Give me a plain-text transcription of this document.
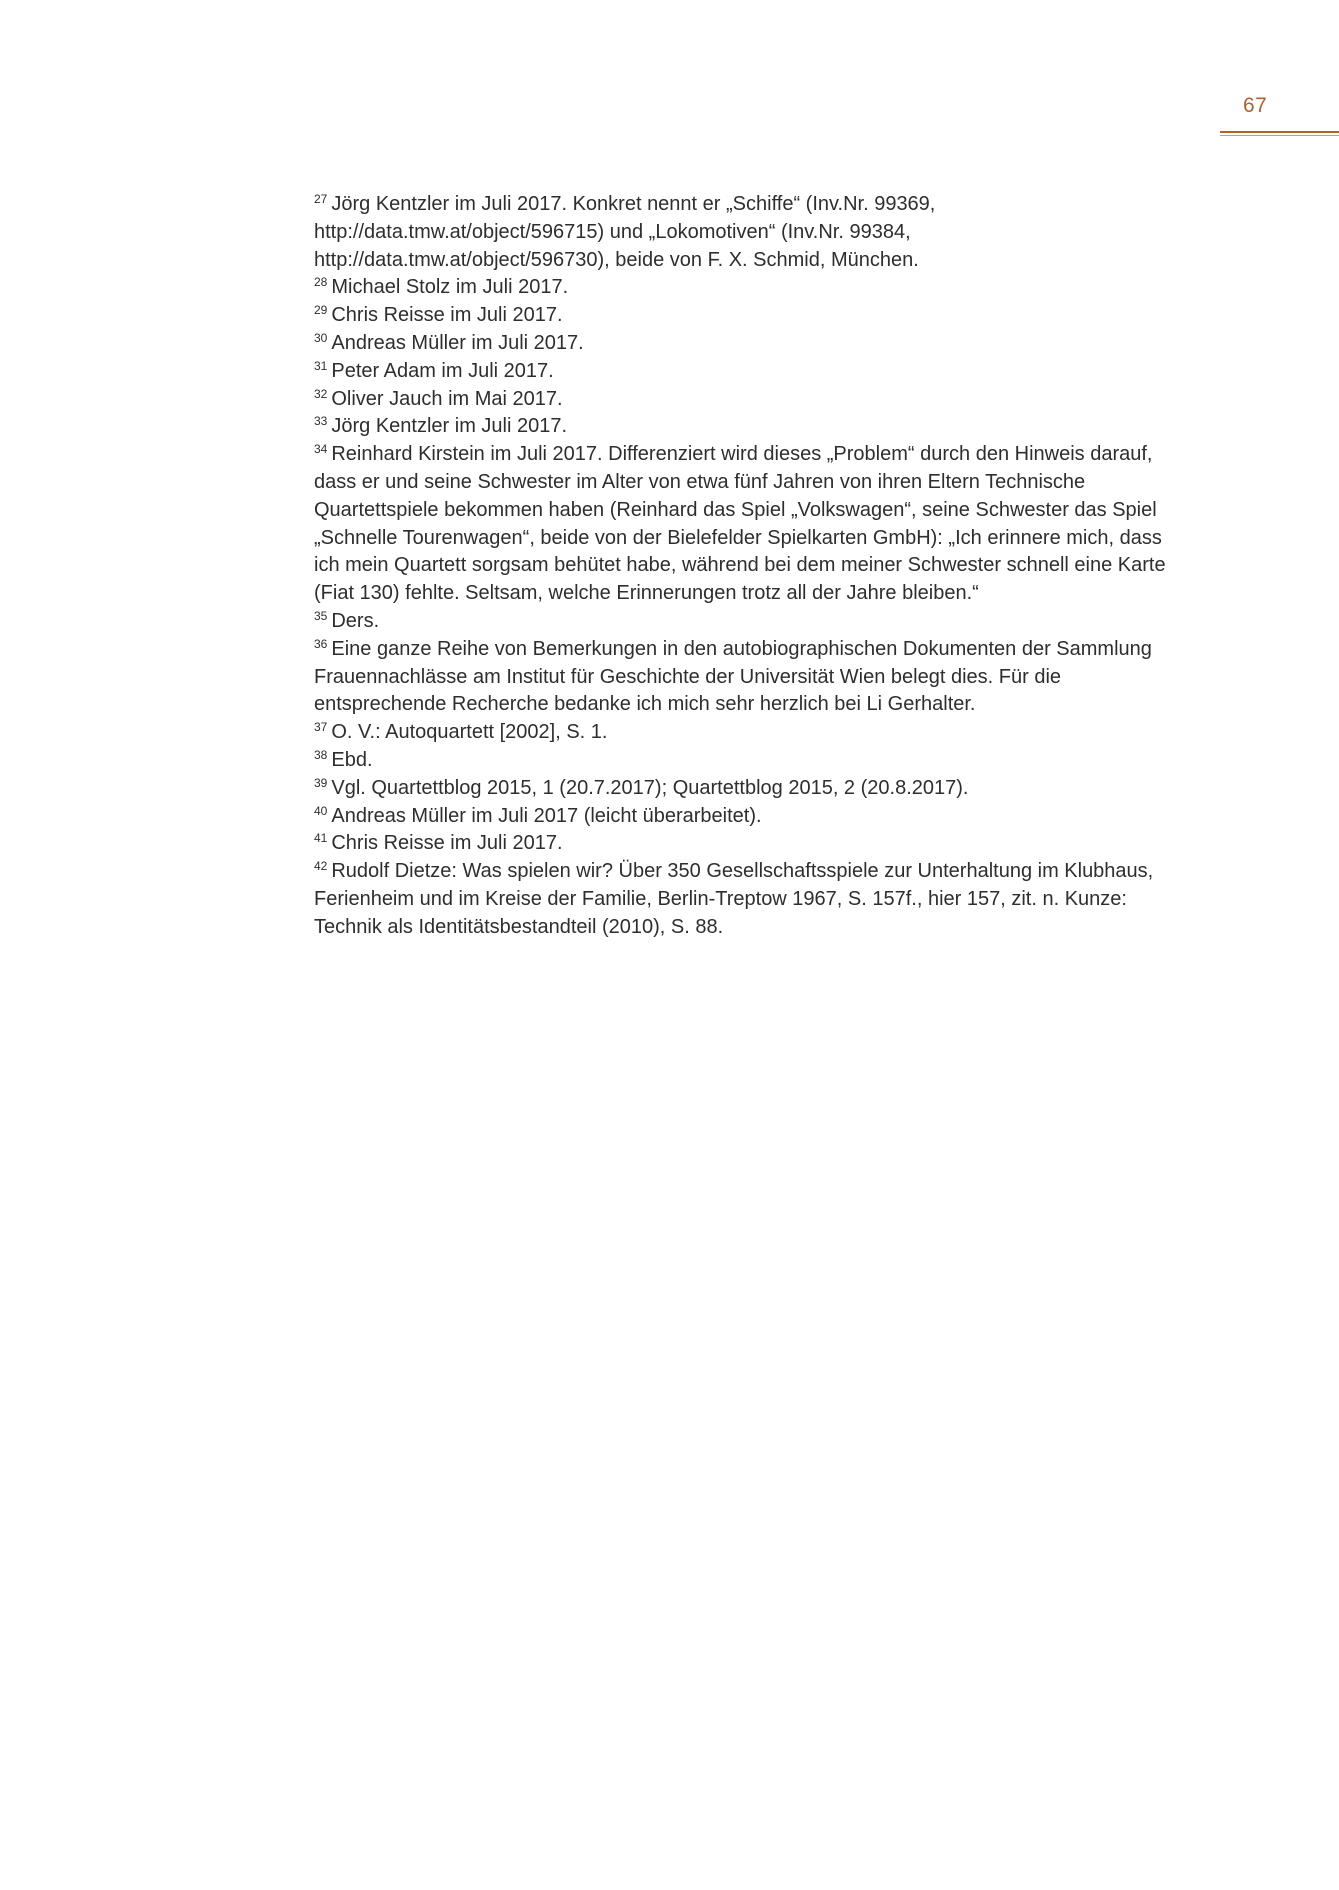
67

$^{27}$ Jörg Kentzler im Juli 2017. Konkret nennt er „Schiffe“ (Inv.Nr. 99369, http://data.tmw.at/object/596715) und „Lokomotiven“ (Inv.Nr. 99384, http://data.tmw.at/object/596730), beide von F. X. Schmid, München.

$^{28}$ Michael Stolz im Juli 2017.

$^{29}$ Chris Reisse im Juli 2017.

$^{30}$ Andreas Müller im Juli 2017.

$^{31}$ Peter Adam im Juli 2017.

$^{32}$ Oliver Jauch im Mai 2017.

$^{33}$ Jörg Kentzler im Juli 2017.

$^{34}$ Reinhard Kirstein im Juli 2017. Differenziert wird dieses „Problem“ durch den Hinweis darauf, dass er und seine Schwester im Alter von etwa fünf Jahren von ihren Eltern Technische Quartettspiele bekommen haben (Reinhard das Spiel „Volkswagen“, seine Schwester das Spiel „Schnelle Tourenwagen“, beide von der Bielefelder Spielkarten GmbH): „Ich erinnere mich, dass ich mein Quartett sorgsam behütet habe, während bei dem meiner Schwester schnell eine Karte (Fiat 130) fehlte. Seltsam, welche Erinnerungen trotz all der Jahre bleiben.“

$^{35}$ Ders.

$^{36}$ Eine ganze Reihe von Bemerkungen in den autobiographischen Dokumenten der Sammlung Frauennachlässe am Institut für Geschichte der Universität Wien belegt dies. Für die entsprechende Recherche bedanke ich mich sehr herzlich bei Li Gerhalter.

$^{37}$ O. V.: Autoquartett [2002], S. 1.

$^{38}$ Ebd.

$^{39}$ Vgl. Quartettblog 2015, 1 (20.7.2017); Quartettblog 2015, 2 (20.8.2017).

$^{40}$ Andreas Müller im Juli 2017 (leicht überarbeitet).

$^{41}$ Chris Reisse im Juli 2017.

$^{42}$ Rudolf Dietze: Was spielen wir? Über 350 Gesellschaftsspiele zur Unterhaltung im Klubhaus, Ferienheim und im Kreise der Familie, Berlin-Treptow 1967, S. 157f., hier 157, zit. n. Kunze: Technik als Identitätsbestandteil (2010), S. 88.
